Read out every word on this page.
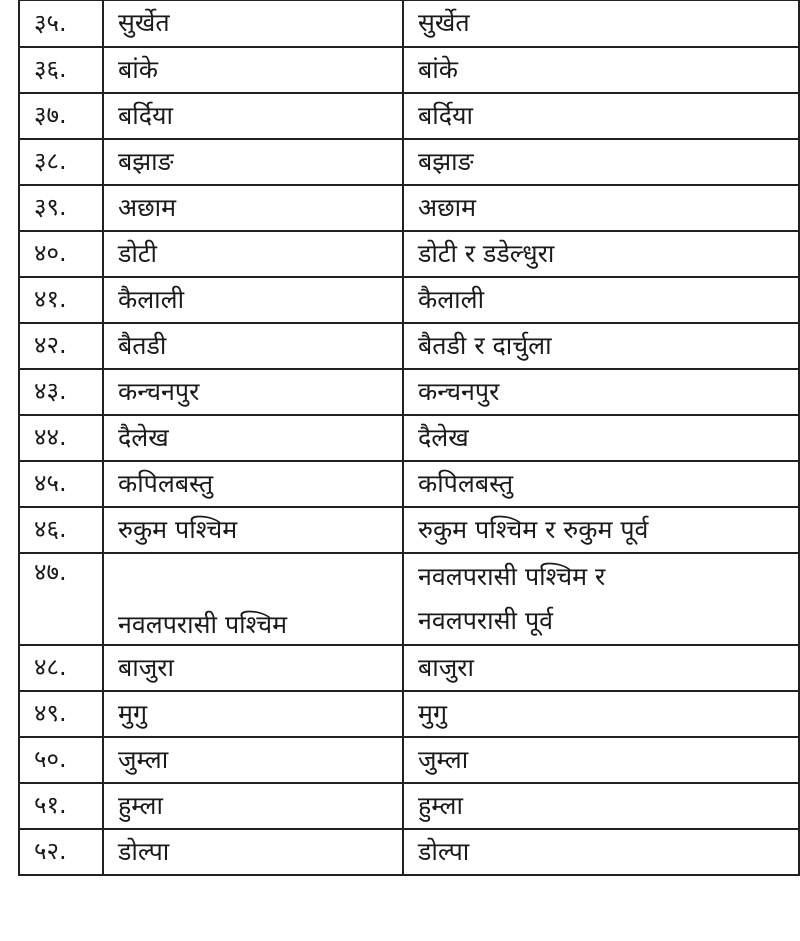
३५.	सुर्खेत	सुर्खेत
३६.	बांके	बांके
३७.	बर्दिया	बर्दिया
३८.	बझाङ	बझाङ
३९.	अछाम	अछाम
४०.	डोटी	डोटी र डडेल्धुरा
४१.	कैलाली	कैलाली
४२.	बैतडी	बैतडी र दार्चुला
४३.	कन्चनपुर	कन्चनपुर
४४.	दैलेख	दैलेख
४५.	कपिलबस्तु	कपिलबस्तु
४६.	रुकुम पश्चिम	रुकुम पश्चिम र रुकुम पूर्व
४७.	नवलपरासी पश्चिम	नवलपरासी पश्चिम र
नवलपरासी पूर्व

४८.	बाजुरा	बाजुरा
४९.	मुगु	मुगु
५०.	जुम्ला	जुम्ला
५१.	हुम्ला	हुम्ला
५२.	डोल्पा	डोल्पा
